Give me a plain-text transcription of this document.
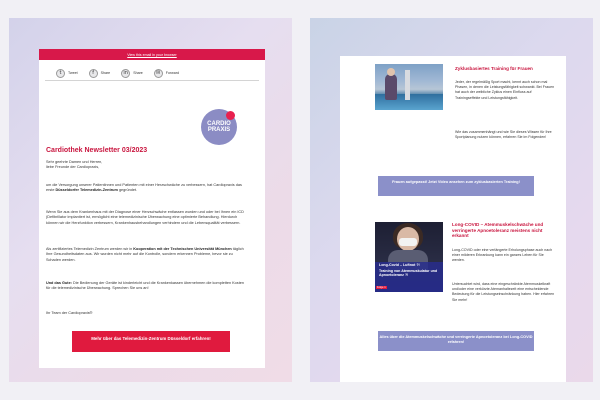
View this email in your browser
t	Tweet	f	Share	in	Share	✉	Forward
CARDIO
PRAXIS
Cardiothek Newsletter 03/2023
Sehr geehrte Damen und Herren,
liebe Freunde der Cardiopraxis,
um die Versorgung unserer Patientinnen und Patienten mit einer Herzschwäche zu verbessern, hat Cardiopraxis das erste Düsseldorfer Telemedizin-Zentrum gegründet.
Wenn Sie aus dem Krankenhaus mit der Diagnose einer Herzschwäche entlassen wurden und oder bei Ihnen ein ICD (Defibrillator implantiert ist, ermöglicht eine telemedizinische Überwachung eine optimierte Behandlung. Hierdurch können wir die Herzfunktion verbessern, Krankenhausbehandlungen verhindern und die Lebensqualität verbessern.
Als zertifiziertes Telemedizin Zentrum werden wir in Kooperation mit der Technischen Universität München täglich Ihre Gesundheitsdaten aus. Wir wurden nicht mehr auf die Kontrolle, sondern erkennen Probleme, bevor sie zu Schaden werden.
Und das Gute: Die Bedienung der Geräte ist kinderleicht und die Krankenkassen übernehmen die kompletten Kosten für die telemedizinische Überwachung. Sprechen Sie uns an!
Ihr Team der Cardiopraxis®
Mehr über das Telemedizin-Zentrum Düsseldorf erfahren!
Zyklusbasiertes Training für Frauen
Jeder, der regelmäßig Sport macht, kennt auch schon mal Phasen, in denen die Leistungsfähigkeit schwankt. Bei Frauen hat auch der weibliche Zyklus einen Einfluss auf Trainingseffekte und Leistungsfähigkeit.
Wie das zusammenhängt und wie Sie dieses Wissen für Ihre Sportplanung nutzen können, erfahren Sie im Folgenden!
Frauen aufgepasst! Jetzt Video ansehen zum zyklusbasierten Training!
Long-Covid – Luftnot ?!
Training von Atemmuskulatur und Apnoetoleranz ?!
Folge 1
Long-COVID – Atemmuskelschwäche und verringerte Apnoetoleranz meistens nicht erkannt
Long-COVID oder eine verlängerte Erholungsphase auch nach einer milderen Erkrankung kann ein ganzes Leben für Sie werden.
Untersuchtet wird, dass eine eingeschränkte Atemmuskelkraft und/oder eine verkürzte Atemanhaltezeit eine entscheidende Bedeutung für die Leistungseinschränkung haben. Hier erfahren Sie mehr!
Alles über die Atemmuskelschwäche und verringerte Apnoetoleranz bei Long-COVID erfahren!
